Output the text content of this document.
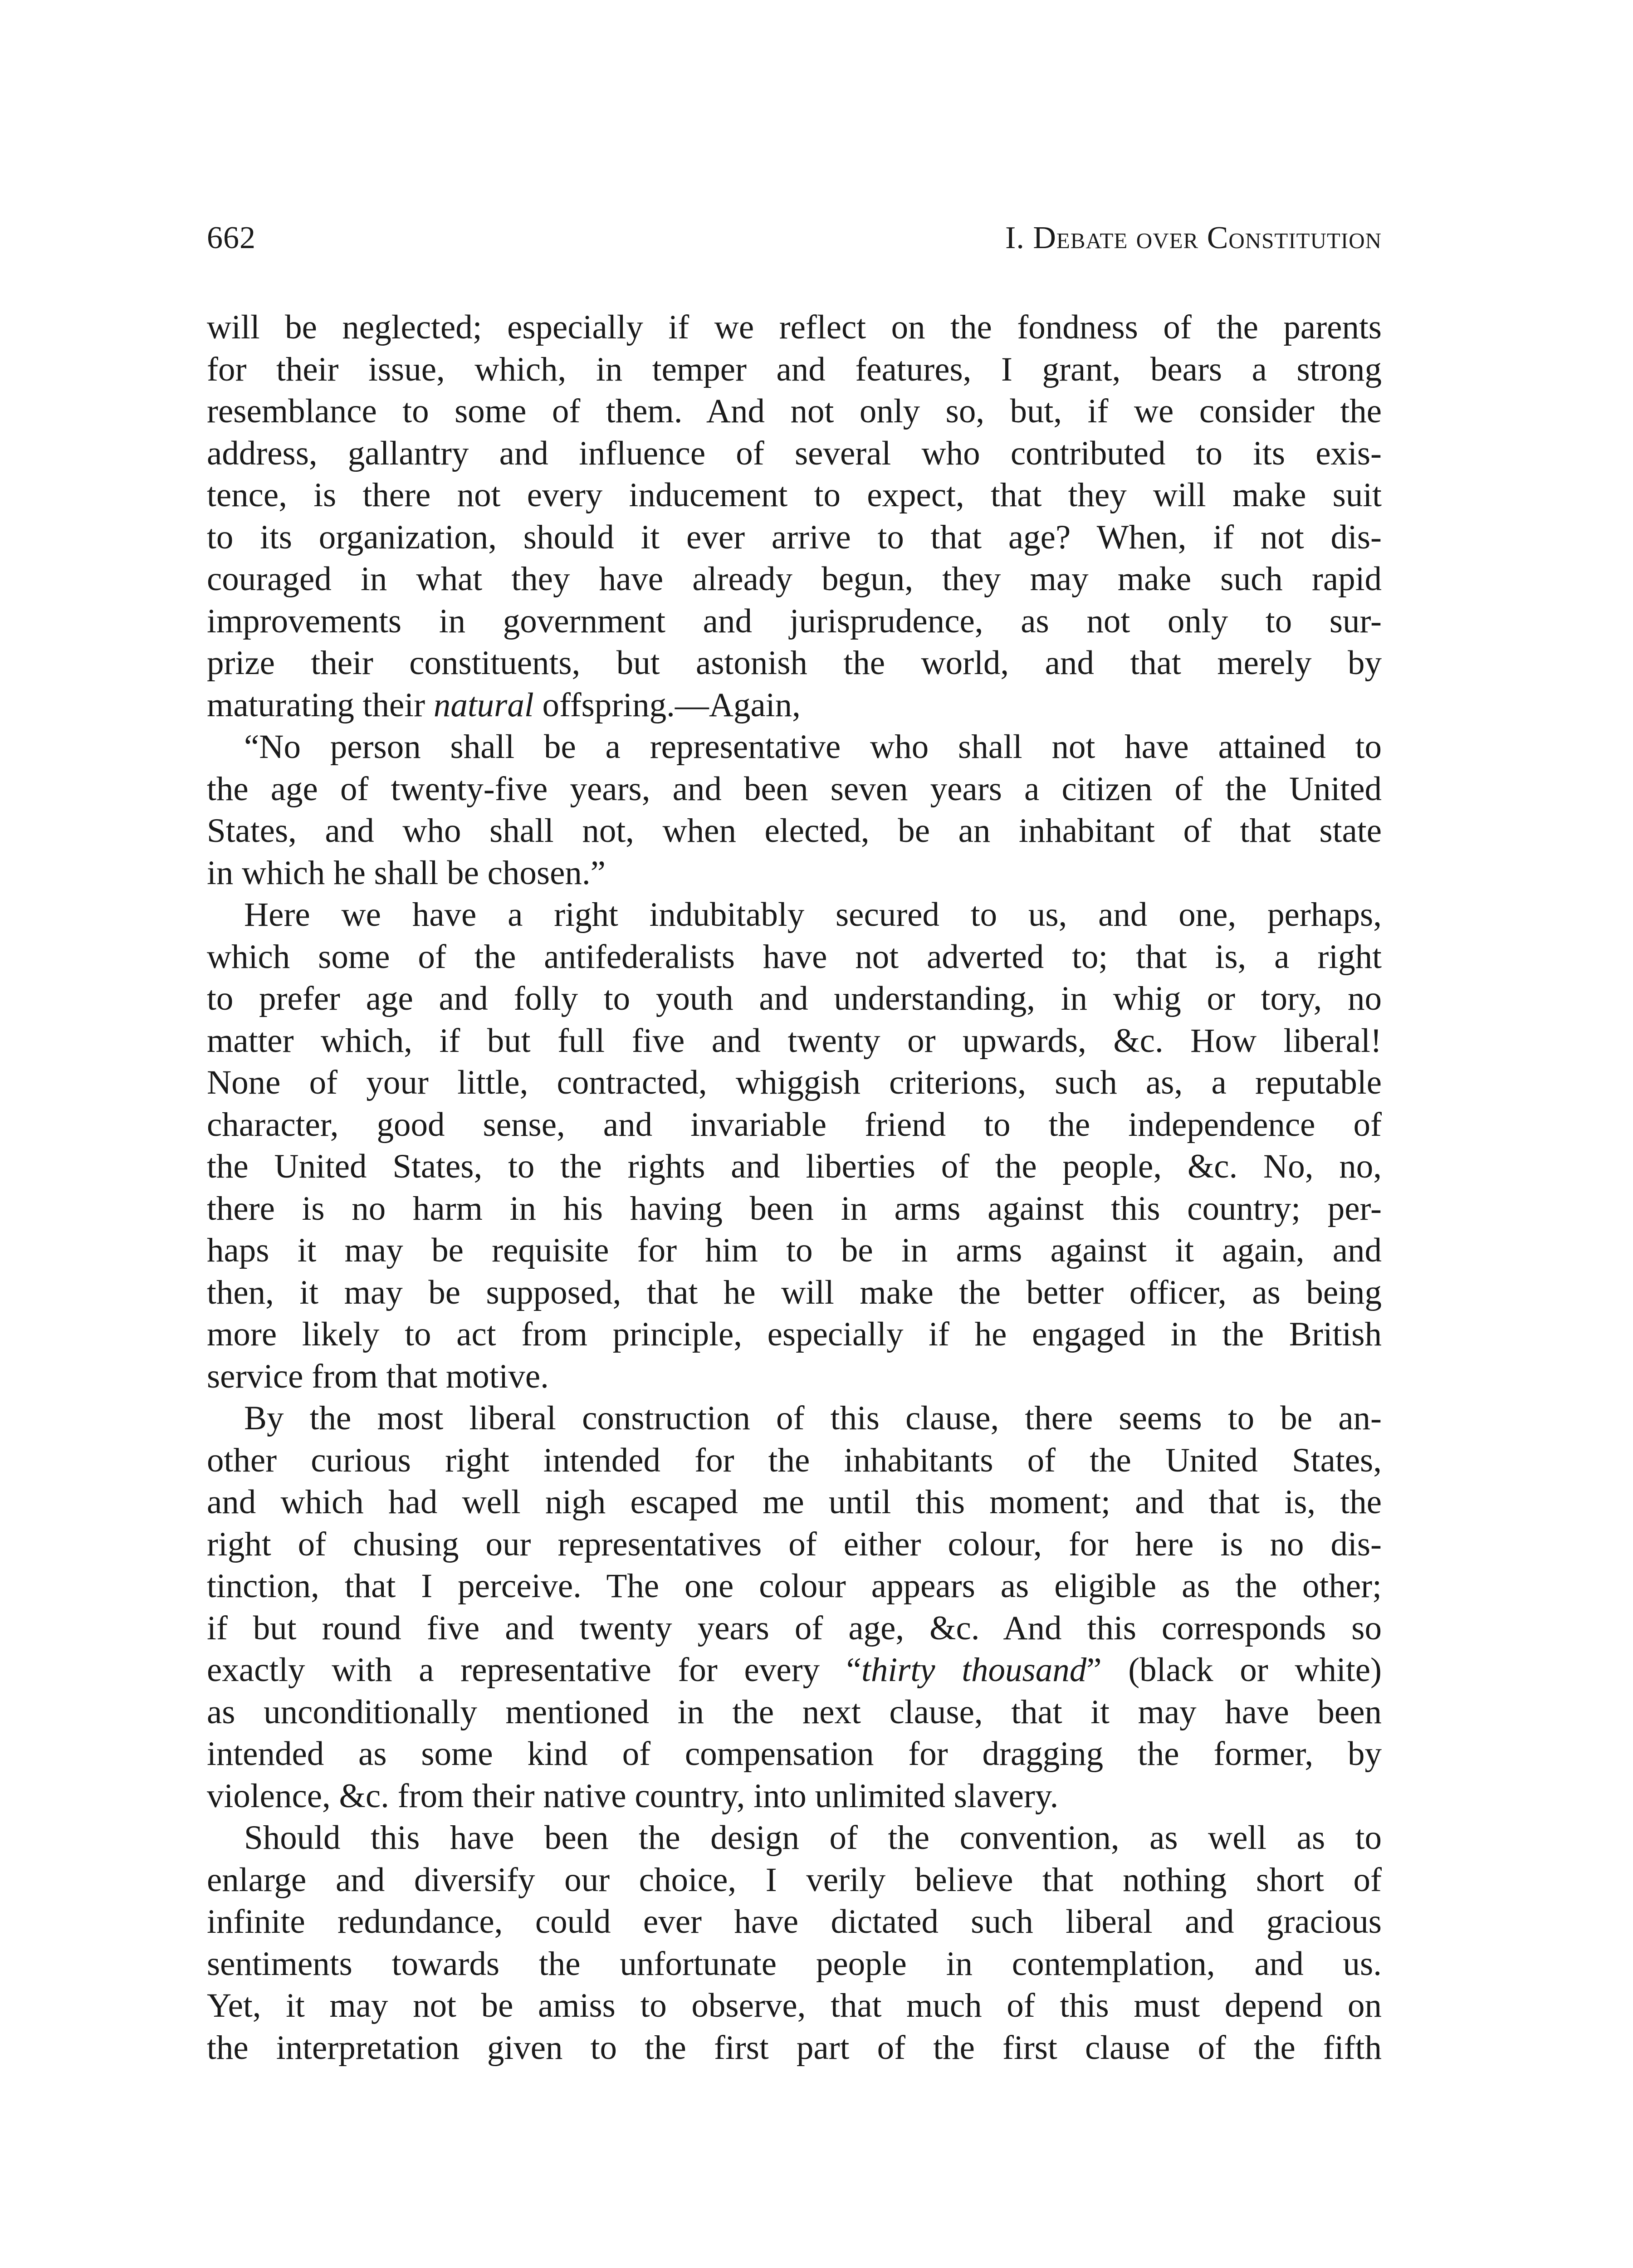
662	I. Debate over Constitution
will be neglected; especially if we reflect on the fondness of the parents
for their issue, which, in temper and features, I grant, bears a strong
resemblance to some of them. And not only so, but, if we consider the
address, gallantry and influence of several who contributed to its exis-
tence, is there not every inducement to expect, that they will make suit
to its organization, should it ever arrive to that age? When, if not dis-
couraged in what they have already begun, they may make such rapid
improvements in government and jurisprudence, as not only to sur-
prize their constituents, but astonish the world, and that merely by
maturating their natural offspring.—Again,
“No person shall be a representative who shall not have attained to
the age of twenty-five years, and been seven years a citizen of the United
States, and who shall not, when elected, be an inhabitant of that state
in which he shall be chosen.”
Here we have a right indubitably secured to us, and one, perhaps,
which some of the antifederalists have not adverted to; that is, a right
to prefer age and folly to youth and understanding, in whig or tory, no
matter which, if but full five and twenty or upwards, &c. How liberal!
None of your little, contracted, whiggish criterions, such as, a reputable
character, good sense, and invariable friend to the independence of
the United States, to the rights and liberties of the people, &c. No, no,
there is no harm in his having been in arms against this country; per-
haps it may be requisite for him to be in arms against it again, and
then, it may be supposed, that he will make the better officer, as being
more likely to act from principle, especially if he engaged in the British
service from that motive.
By the most liberal construction of this clause, there seems to be an-
other curious right intended for the inhabitants of the United States,
and which had well nigh escaped me until this moment; and that is, the
right of chusing our representatives of either colour, for here is no dis-
tinction, that I perceive. The one colour appears as eligible as the other;
if but round five and twenty years of age, &c. And this corresponds so
exactly with a representative for every “thirty thousand” (black or white)
as unconditionally mentioned in the next clause, that it may have been
intended as some kind of compensation for dragging the former, by
violence, &c. from their native country, into unlimited slavery.
Should this have been the design of the convention, as well as to
enlarge and diversify our choice, I verily believe that nothing short of
infinite redundance, could ever have dictated such liberal and gracious
sentiments towards the unfortunate people in contemplation, and us.
Yet, it may not be amiss to observe, that much of this must depend on
the interpretation given to the first part of the first clause of the fifth
